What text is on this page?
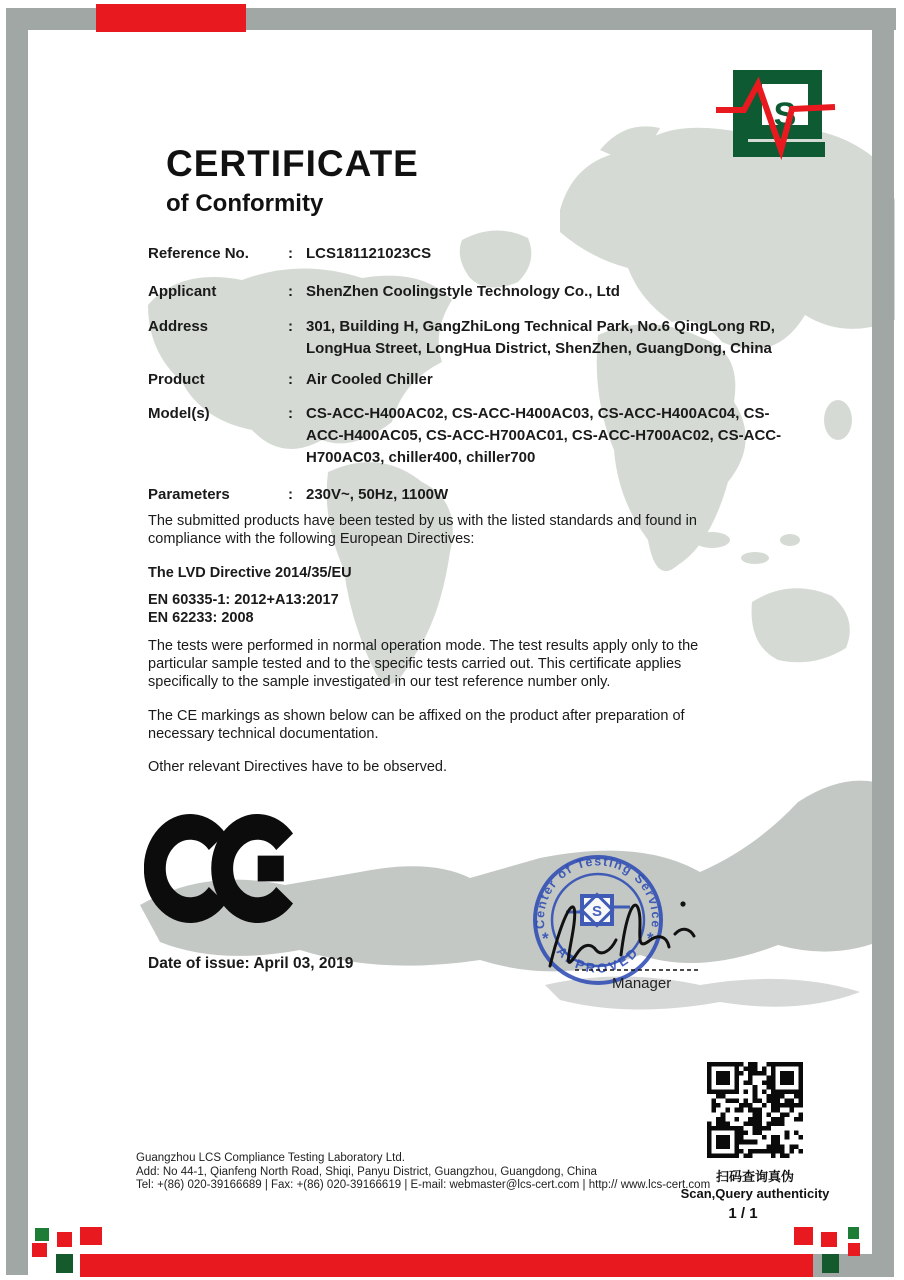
S
CERTIFICATE
of Conformity
Reference No.	: LCS181121023CS
Applicant	: ShenZhen Coolingstyle Technology Co., Ltd
Address	: 301, Building H, GangZhiLong Technical Park, No.6 QingLong RD, LongHua Street, LongHua District, ShenZhen, GuangDong, China
Product	: Air Cooled Chiller
Model(s)	: CS-ACC-H400AC02, CS-ACC-H400AC03, CS-ACC-H400AC04, CS-ACC-H400AC05, CS-ACC-H700AC01, CS-ACC-H700AC02, CS-ACC-H700AC03, chiller400, chiller700
Parameters	: 230V~, 50Hz, 1100W

The submitted products have been tested by us with the listed standards and found in compliance with the following European Directives:

The LVD Directive 2014/35/EU

EN 60335-1: 2012+A13:2017
EN 62233: 2008

The tests were performed in normal operation mode. The test results apply only to the particular sample tested and to the specific tests carried out. This certificate applies specifically to the sample investigated in our test reference number only.

The CE markings as shown below can be affixed on the product after preparation of necessary technical documentation.

Other relevant Directives have to be observed.

Date of issue: April 03, 2019
Center of Testing Service
APPROVED
*	*
S
Manager
扫码查询真伪
Scan,Query authenticity
1 / 1
Guangzhou LCS Compliance Testing Laboratory Ltd.
Add: No 44-1, Qianfeng North Road, Shiqi, Panyu District, Guangzhou, Guangdong, China
Tel: +(86) 020-39166689 | Fax: +(86) 020-39166619 | E-mail: webmaster@lcs-cert.com | http:// www.lcs-cert.com
